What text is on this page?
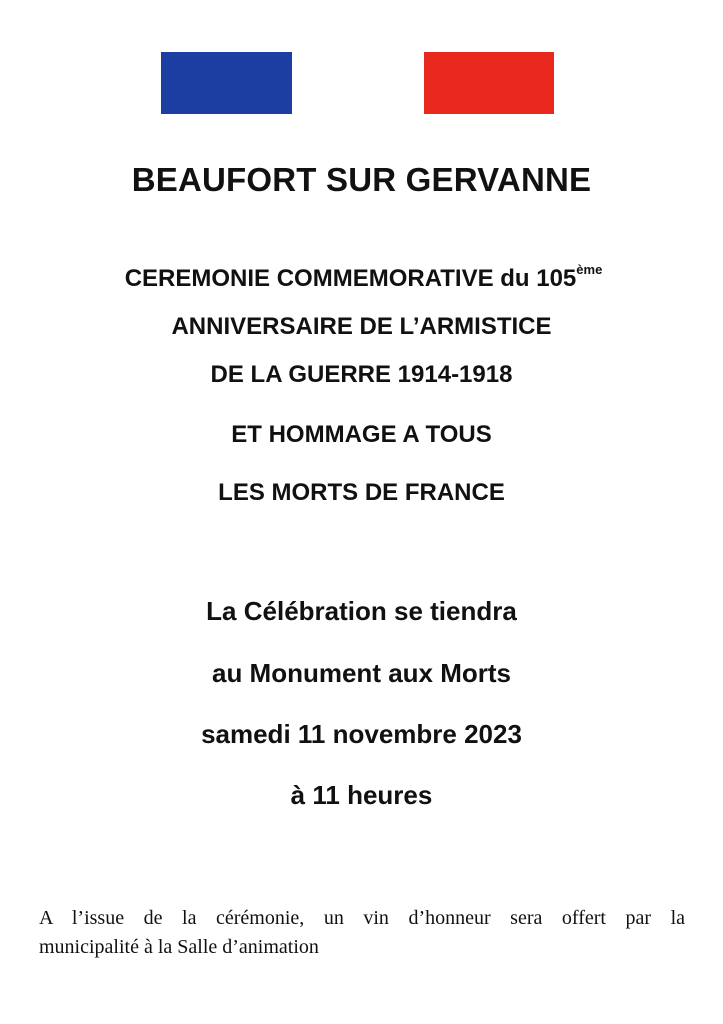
BEAUFORT SUR GERVANNE

CEREMONIE COMMEMORATIVE du 105ème

ANNIVERSAIRE DE L’ARMISTICE

DE LA GUERRE 1914-1918

ET HOMMAGE A TOUS

LES MORTS DE FRANCE

La Célébration se tiendra

au Monument aux Morts

samedi 11 novembre 2023

à 11 heures

A l’issue de la cérémonie, un vin d’honneur sera offert par la
municipalité à la Salle d’animation
